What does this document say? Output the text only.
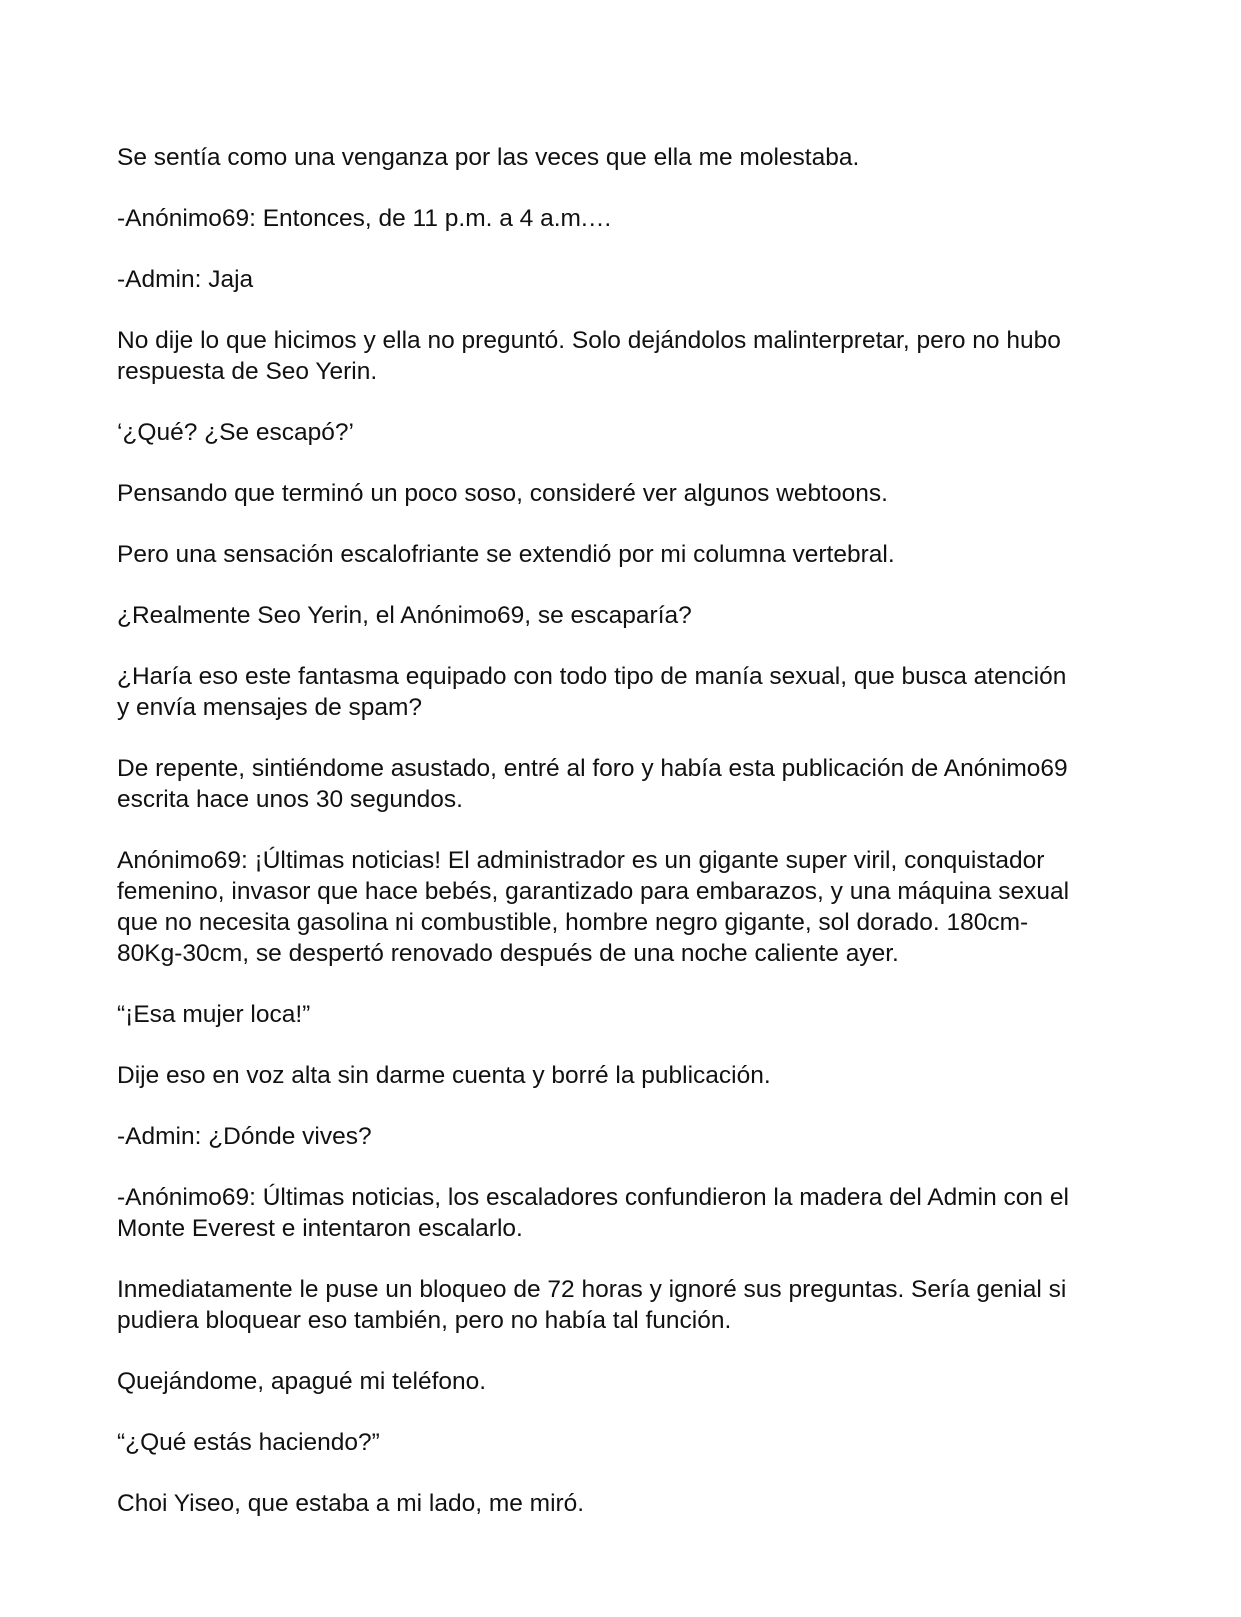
Se sentía como una venganza por las veces que ella me molestaba.

-Anónimo69: Entonces, de 11 p.m. a 4 a.m.…

-Admin: Jaja

No dije lo que hicimos y ella no preguntó. Solo dejándolos malinterpretar, pero no hubo respuesta de Seo Yerin.

‘¿Qué? ¿Se escapó?’

Pensando que terminó un poco soso, consideré ver algunos webtoons.

Pero una sensación escalofriante se extendió por mi columna vertebral.

¿Realmente Seo Yerin, el Anónimo69, se escaparía?

¿Haría eso este fantasma equipado con todo tipo de manía sexual, que busca atención y envía mensajes de spam?

De repente, sintiéndome asustado, entré al foro y había esta publicación de Anónimo69 escrita hace unos 30 segundos.

Anónimo69: ¡Últimas noticias! El administrador es un gigante super viril, conquistador femenino, invasor que hace bebés, garantizado para embarazos, y una máquina sexual que no necesita gasolina ni combustible, hombre negro gigante, sol dorado. 180cm-80Kg-30cm, se despertó renovado después de una noche caliente ayer.

“¡Esa mujer loca!”

Dije eso en voz alta sin darme cuenta y borré la publicación.

-Admin: ¿Dónde vives?

-Anónimo69: Últimas noticias, los escaladores confundieron la madera del Admin con el Monte Everest e intentaron escalarlo.

Inmediatamente le puse un bloqueo de 72 horas y ignoré sus preguntas. Sería genial si pudiera bloquear eso también, pero no había tal función.

Quejándome, apagué mi teléfono.

“¿Qué estás haciendo?”

Choi Yiseo, que estaba a mi lado, me miró.
